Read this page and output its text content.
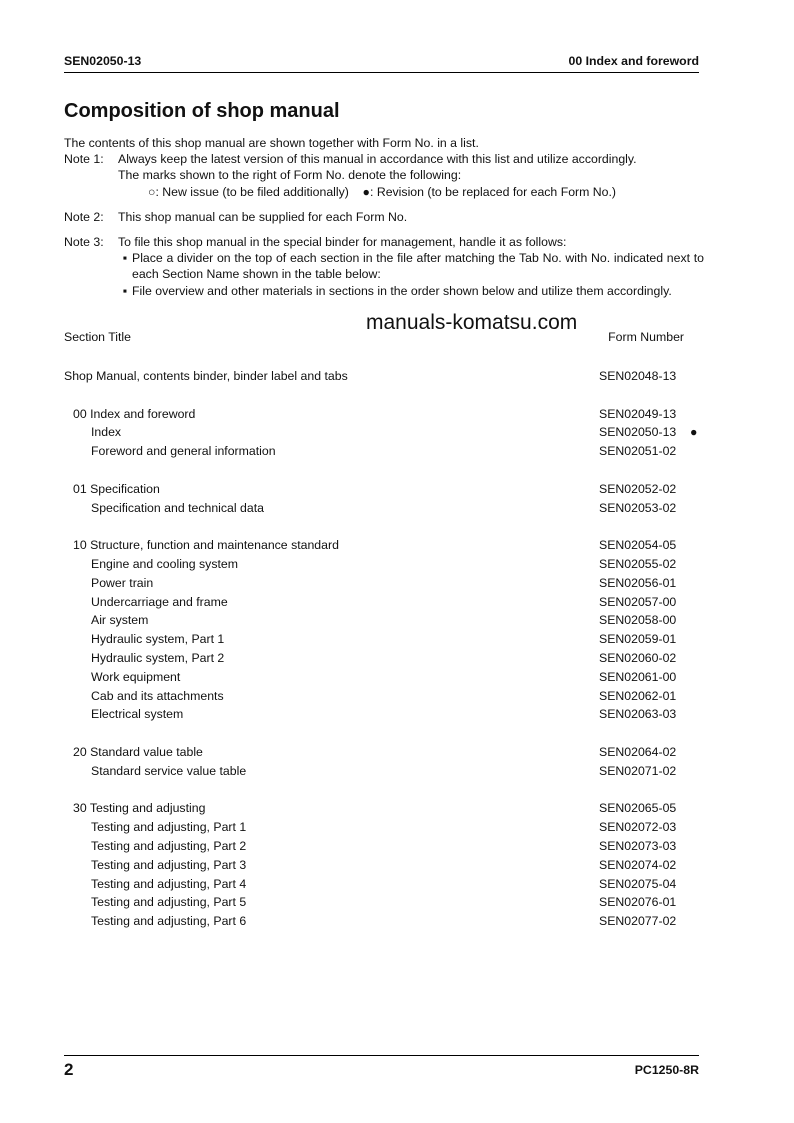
SEN02050-13	00 Index and foreword
Composition of shop manual
The contents of this shop manual are shown together with Form No. in a list.
Note 1:	Always keep the latest version of this manual in accordance with this list and utilize accordingly.
The marks shown to the right of Form No. denote the following:
○: New issue (to be filed additionally) ●: Revision (to be replaced for each Form No.)
Note 2:	This shop manual can be supplied for each Form No.
Note 3:	To file this shop manual in the special binder for management, handle it as follows:
▪ Place a divider on the top of each section in the file after matching the Tab No. with No. indicated next to each Section Name shown in the table below:
▪ File overview and other materials in sections in the order shown below and utilize them accordingly.
manuals-komatsu.com
Section Title	Form Number
Shop Manual, contents binder, binder label and tabs	SEN02048-13
00 Index and foreword	SEN02049-13
Index	SEN02050-13 ●
Foreword and general information	SEN02051-02
01 Specification	SEN02052-02
Specification and technical data	SEN02053-02
10 Structure, function and maintenance standard	SEN02054-05
Engine and cooling system	SEN02055-02
Power train	SEN02056-01
Undercarriage and frame	SEN02057-00
Air system	SEN02058-00
Hydraulic system, Part 1	SEN02059-01
Hydraulic system, Part 2	SEN02060-02
Work equipment	SEN02061-00
Cab and its attachments	SEN02062-01
Electrical system	SEN02063-03
20 Standard value table	SEN02064-02
Standard service value table	SEN02071-02
30 Testing and adjusting	SEN02065-05
Testing and adjusting, Part 1	SEN02072-03
Testing and adjusting, Part 2	SEN02073-03
Testing and adjusting, Part 3	SEN02074-02
Testing and adjusting, Part 4	SEN02075-04
Testing and adjusting, Part 5	SEN02076-01
Testing and adjusting, Part 6	SEN02077-02
2	PC1250-8R
